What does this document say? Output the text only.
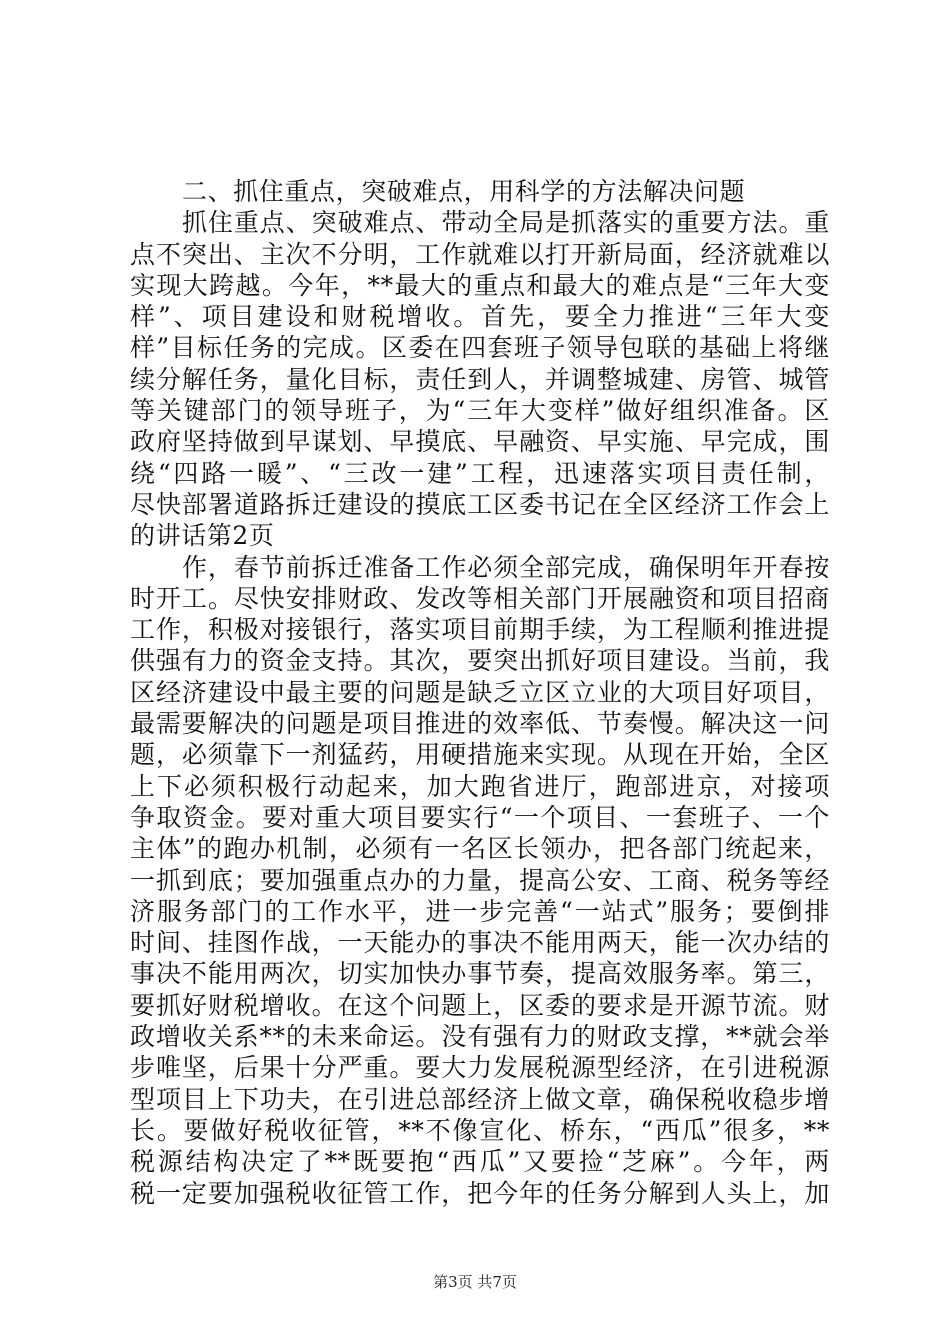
二、抓住重点，突破难点，用科学的方法解决问题
抓住重点、突破难点、带动全局是抓落实的重要方法。重
点不突出、主次不分明，工作就难以打开新局面，经济就难以
实现大跨越。今年，**最大的重点和最大的难点是“三年大变
样”、项目建设和财税增收。首先，要全力推进“三年大变
样”目标任务的完成。区委在四套班子领导包联的基础上将继
续分解任务，量化目标，责任到人，并调整城建、房管、城管
等关键部门的领导班子，为“三年大变样”做好组织准备。区
政府坚持做到早谋划、早摸底、早融资、早实施、早完成，围
绕“四路一暖”、“三改一建”工程，迅速落实项目责任制，
尽快部署道路拆迁建设的摸底工区委书记在全区经济工作会上
的讲话第2页
作，春节前拆迁准备工作必须全部完成，确保明年开春按
时开工。尽快安排财政、发改等相关部门开展融资和项目招商
工作，积极对接银行，落实项目前期手续，为工程顺利推进提
供强有力的资金支持。其次，要突出抓好项目建设。当前，我
区经济建设中最主要的问题是缺乏立区立业的大项目好项目，
最需要解决的问题是项目推进的效率低、节奏慢。解决这一问
题，必须靠下一剂猛药，用硬措施来实现。从现在开始，全区
上下必须积极行动起来，加大跑省进厅，跑部进京，对接项
争取资金。要对重大项目要实行“一个项目、一套班子、一个
主体”的跑办机制，必须有一名区长领办，把各部门统起来，
一抓到底；要加强重点办的力量，提高公安、工商、税务等经
济服务部门的工作水平，进一步完善“一站式”服务；要倒排
时间、挂图作战，一天能办的事决不能用两天，能一次办结的
事决不能用两次，切实加快办事节奏，提高效服务率。第三，
要抓好财税增收。在这个问题上，区委的要求是开源节流。财
政增收关系**的未来命运。没有强有力的财政支撑，**就会举
步唯坚，后果十分严重。要大力发展税源型经济，在引进税源
型项目上下功夫，在引进总部经济上做文章，确保税收稳步增
长。要做好税收征管，**不像宣化、桥东，“西瓜”很多，**
税源结构决定了**既要抱“西瓜”又要捡“芝麻”。今年，两
税一定要加强税收征管工作，把今年的任务分解到人头上，加
第3页 共7页
